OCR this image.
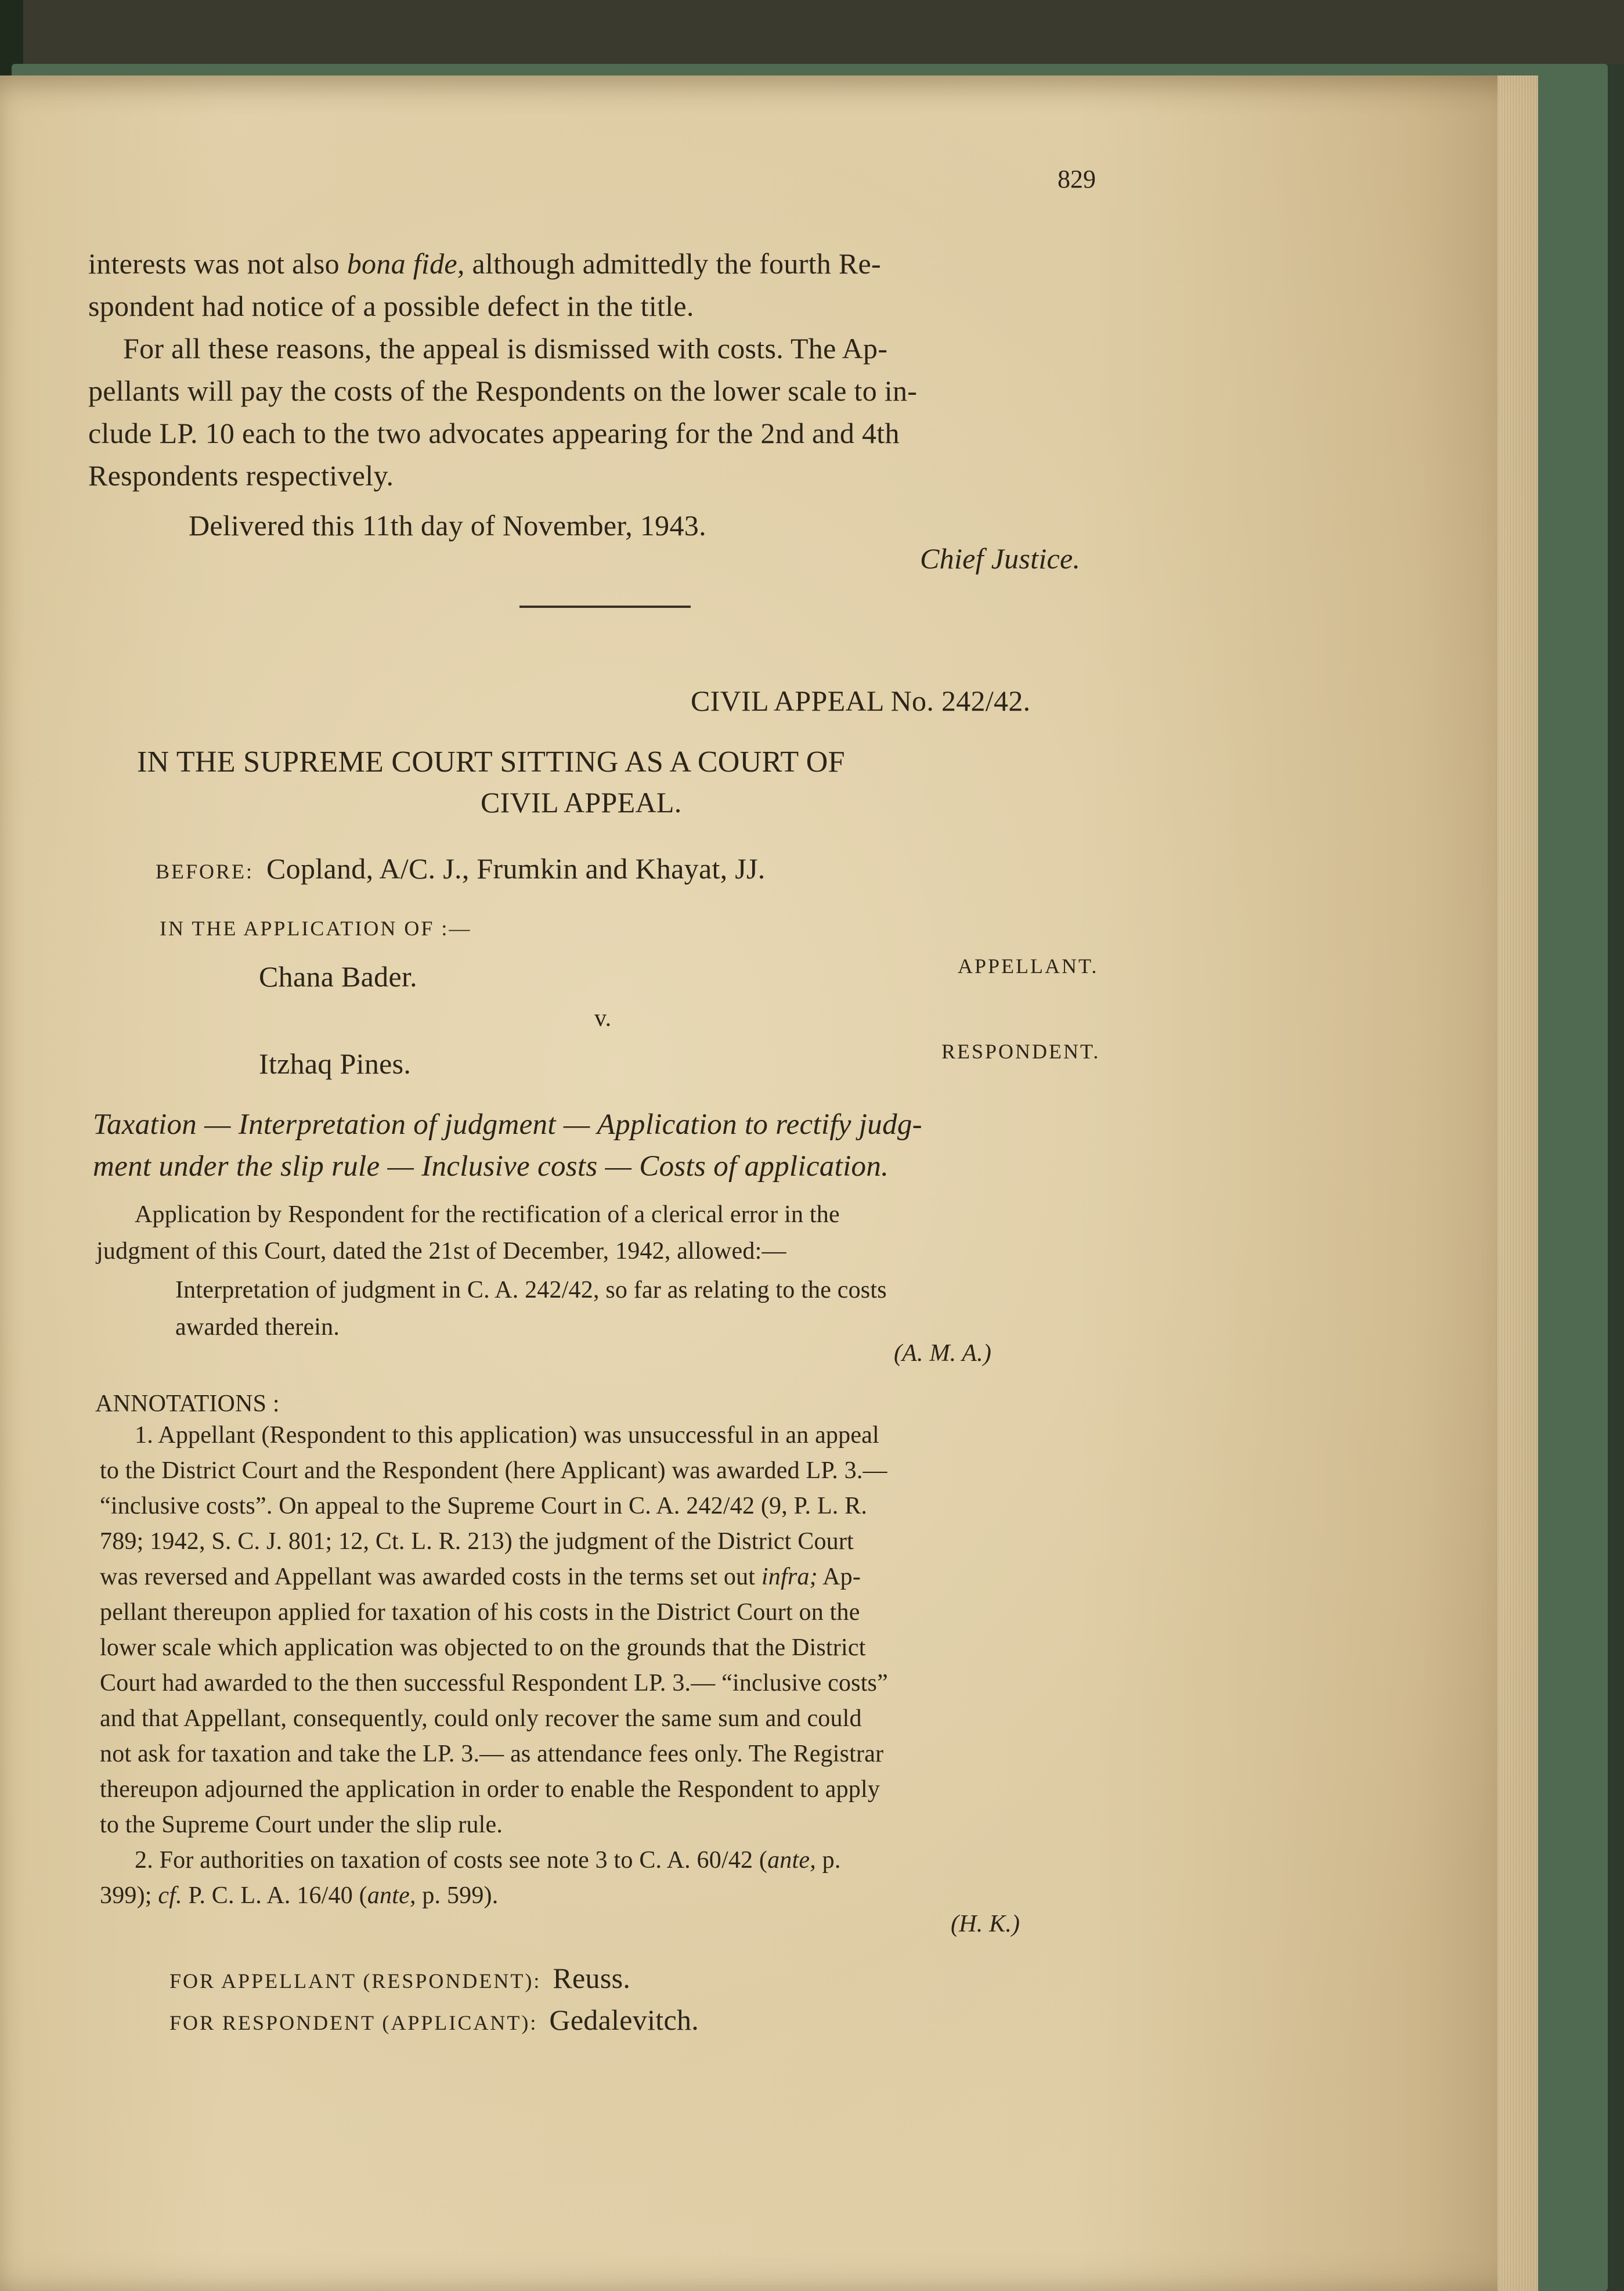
829
interests was not also bona fide, although admittedly the fourth Re-
spondent had notice of a possible defect in the title.
For all these reasons, the appeal is dismissed with costs. The Ap-
pellants will pay the costs of the Respondents on the lower scale to in-
clude LP. 10 each to the two advocates appearing for the 2nd and 4th
Respondents respectively.
Delivered this 11th day of November, 1943.
Chief Justice.
CIVIL APPEAL No. 242/42.
IN THE SUPREME COURT SITTING AS A COURT OF
CIVIL APPEAL.
BEFORE: Copland, A/C. J., Frumkin and Khayat, JJ.
IN THE APPLICATION OF :—
Chana Bader.	APPELLANT.
v.
Itzhaq Pines.	RESPONDENT.
Taxation — Interpretation of judgment — Application to rectify judg-
ment under the slip rule — Inclusive costs — Costs of application.
Application by Respondent for the rectification of a clerical error in the
judgment of this Court, dated the 21st of December, 1942, allowed:—
Interpretation of judgment in C. A. 242/42, so far as relating to the costs
awarded therein.
(A. M. A.)
ANNOTATIONS :
1. Appellant (Respondent to this application) was unsuccessful in an appeal
to the District Court and the Respondent (here Applicant) was awarded LP. 3.—
“inclusive costs”. On appeal to the Supreme Court in C. A. 242/42 (9, P. L. R.
789; 1942, S. C. J. 801; 12, Ct. L. R. 213) the judgment of the District Court
was reversed and Appellant was awarded costs in the terms set out infra; Ap-
pellant thereupon applied for taxation of his costs in the District Court on the
lower scale which application was objected to on the grounds that the District
Court had awarded to the then successful Respondent LP. 3.— “inclusive costs”
and that Appellant, consequently, could only recover the same sum and could
not ask for taxation and take the LP. 3.— as attendance fees only. The Registrar
thereupon adjourned the application in order to enable the Respondent to apply
to the Supreme Court under the slip rule.
2. For authorities on taxation of costs see note 3 to C. A. 60/42 (ante, p.
399); cf. P. C. L. A. 16/40 (ante, p. 599).
(H. K.)
FOR APPELLANT (RESPONDENT): Reuss.
FOR RESPONDENT (APPLICANT): Gedalevitch.
